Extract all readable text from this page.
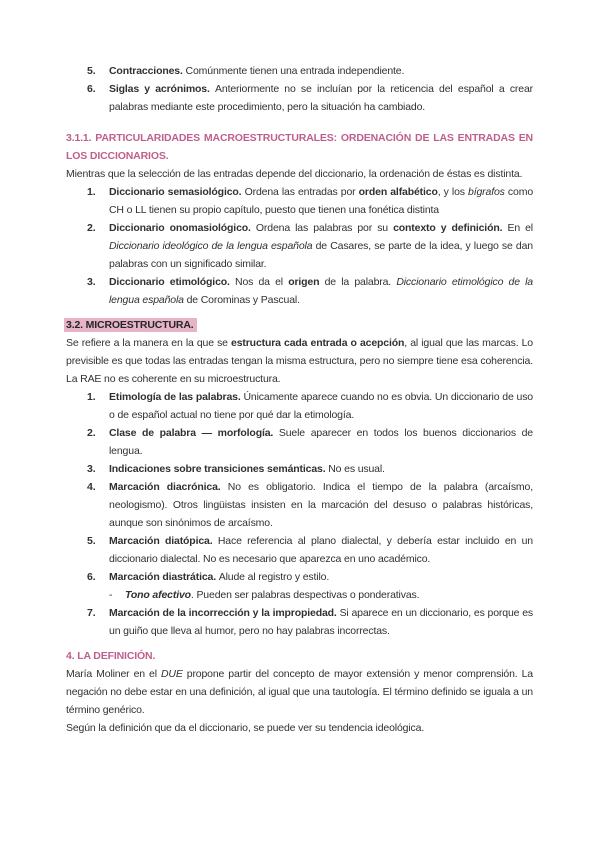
5.	Contracciones. Comúnmente tienen una entrada independiente.
6.	Siglas y acrónimos. Anteriormente no se incluían por la reticencia del español a crear palabras mediante este procedimiento, pero la situación ha cambiado.
3.1.1. PARTICULARIDADES MACROESTRUCTURALES: ORDENACIÓN DE LAS ENTRADAS EN LOS DICCIONARIOS.
Mientras que la selección de las entradas depende del diccionario, la ordenación de éstas es distinta.
1.	Diccionario semasiológico. Ordena las entradas por orden alfabético, y los bígrafos como CH o LL tienen su propio capítulo, puesto que tienen una fonética distinta
2.	Diccionario onomasiológico. Ordena las palabras por su contexto y definición. En el Diccionario ideológico de la lengua española de Casares, se parte de la idea, y luego se dan palabras con un significado similar.
3.	Diccionario etimológico. Nos da el origen de la palabra. Diccionario etimológico de la lengua española de Corominas y Pascual.
3.2. MICROESTRUCTURA.
Se refiere a la manera en la que se estructura cada entrada o acepción, al igual que las marcas. Lo previsible es que todas las entradas tengan la misma estructura, pero no siempre tiene esa coherencia. La RAE no es coherente en su microestructura.
1.	Etimología de las palabras. Únicamente aparece cuando no es obvia. Un diccionario de uso o de español actual no tiene por qué dar la etimología.
2.	Clase de palabra — morfología. Suele aparecer en todos los buenos diccionarios de lengua.
3.	Indicaciones sobre transiciones semánticas. No es usual.
4.	Marcación diacrónica. No es obligatorio. Indica el tiempo de la palabra (arcaísmo, neologismo). Otros lingüistas insisten en la marcación del desuso o palabras históricas, aunque son sinónimos de arcaísmo.
5.	Marcación diatópica. Hace referencia al plano dialectal, y debería estar incluido en un diccionario dialectal. No es necesario que aparezca en uno académico.
6.	Marcación diastrática. Alude al registro y estilo.
-	Tono afectivo. Pueden ser palabras despectivas o ponderativas.
7.	Marcación de la incorrección y la impropiedad. Si aparece en un diccionario, es porque es un guiño que lleva al humor, pero no hay palabras incorrectas.
4. LA DEFINICIÓN.
María Moliner en el DUE propone partir del concepto de mayor extensión y menor comprensión. La negación no debe estar en una definición, al igual que una tautología. El término definido se iguala a un término genérico.
Según la definición que da el diccionario, se puede ver su tendencia ideológica.
